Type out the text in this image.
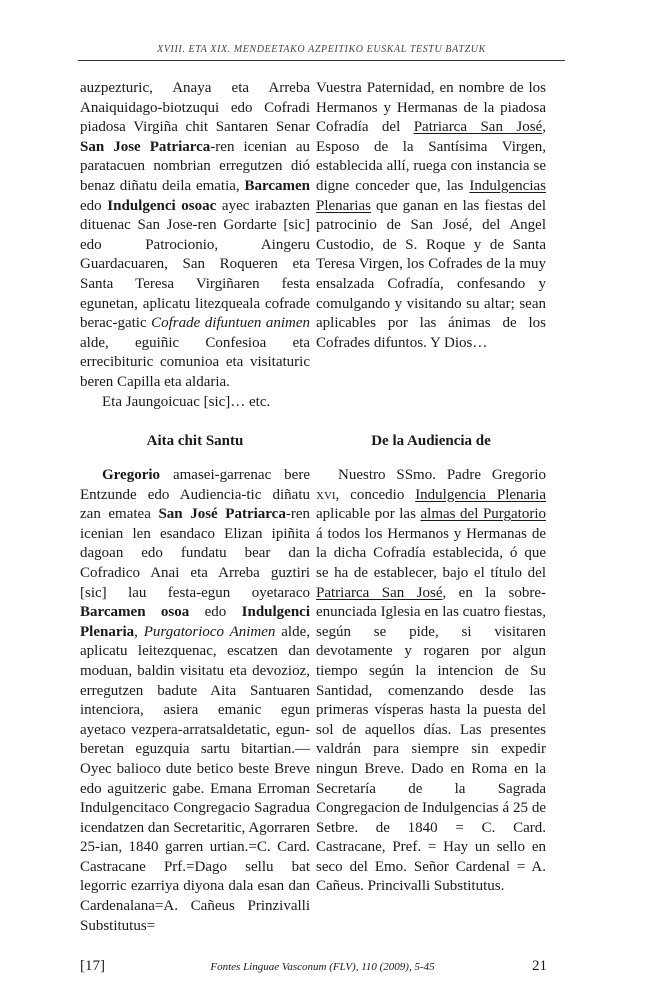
XVIII. ETA XIX. MENDEETAKO AZPEITIKO EUSKAL TESTU BATZUK

auzpezturic, Anaya eta Arreba Anaiquidago-biotzuqui edo Cofradi piadosa Virgiña chit Santaren Senar San Jose Patriarca-ren icenian au paratacuen nombrian erregutzen dió benaz diñatu deila ematia, Barcamen edo Indulgenci osoac ayec irabazten dituenac San Jose-ren Gordarte [sic] edo Patrocionio, Aingeru Guardacuaren, San Roqueren eta Santa Teresa Virgiñaren festa egunetan, aplicatu litezqueala cofrade berac-gatic Cofrade difuntuen animen alde, eguiñic Confesioa eta errecibituric comunioa eta visitaturic beren Capilla eta aldaria.

Eta Jaungoicuac [sic]… etc.

Vuestra Paternidad, en nombre de los Hermanos y Hermanas de la piadosa Cofradía del Patriarca San José, Esposo de la Santísima Virgen, establecida allí, ruega con instancia se digne conceder que, las Indulgencias Plenarias que ganan en las fiestas del patrocinio de San José, del Angel Custodio, de S. Roque y de Santa Teresa Virgen, los Cofrades de la muy ensalzada Cofradía, confesando y comulgando y visitando su altar; sean aplicables por las ánimas de los Cofrades difuntos. Y Dios…

Aita chit Santu	De la Audiencia de

Gregorio amasei-garrenac bere Entzunde edo Audiencia-tic diñatu zan ematea San José Patriarca-ren icenian len esandaco Elizan ipiñita dagoan edo fundatu bear dan Cofradico Anai eta Arreba guztiri [sic] lau festa-egun oyetaraco Barcamen osoa edo Indulgenci Plenaria, Purgatorioco Animen alde, aplicatu leitezquenac, escatzen dan moduan, baldin visitatu eta devozioz, erregutzen badute Aita Santuaren intenciora, asiera emanic egun ayetaco vezpera-arratsaldetatic, egun-beretan eguzquia sartu bitartian.—Oyec balioco dute betico beste Breve edo aguitzeric gabe. Emana Erroman Indulgencitaco Congregacio Sagradua icendatzen dan Secretaritic, Agorraren 25-ian, 1840 garren urtian.=C. Card. Castracane Prf.=Dago sellu bat legorric ezarriya diyona dala esan dan Cardenalana=A. Cañeus Prinzivalli Substitutus=

Nuestro SSmo. Padre Gregorio xvi, concedio Indulgencia Plenaria aplicable por las almas del Purgatorio á todos los Hermanos y Hermanas de la dicha Cofradía establecida, ó que se ha de establecer, bajo el título del Patriarca San José, en la sobre-enunciada Iglesia en las cuatro fiestas, según se pide, si visitaren devotamente y rogaren por algun tiempo según la intencion de Su Santidad, comenzando desde las primeras vísperas hasta la puesta del sol de aquellos días. Las presentes valdrán para siempre sin expedir ningun Breve. Dado en Roma en la Secretaría de la Sagrada Congregacion de Indulgencias á 25 de Setbre. de 1840 = C. Card. Castracane, Pref. = Hay un sello en seco del Emo. Señor Cardenal = A. Cañeus. Princivalli Substitutus.

[17]	Fontes Linguae Vasconum (FLV), 110 (2009), 5-45	21
